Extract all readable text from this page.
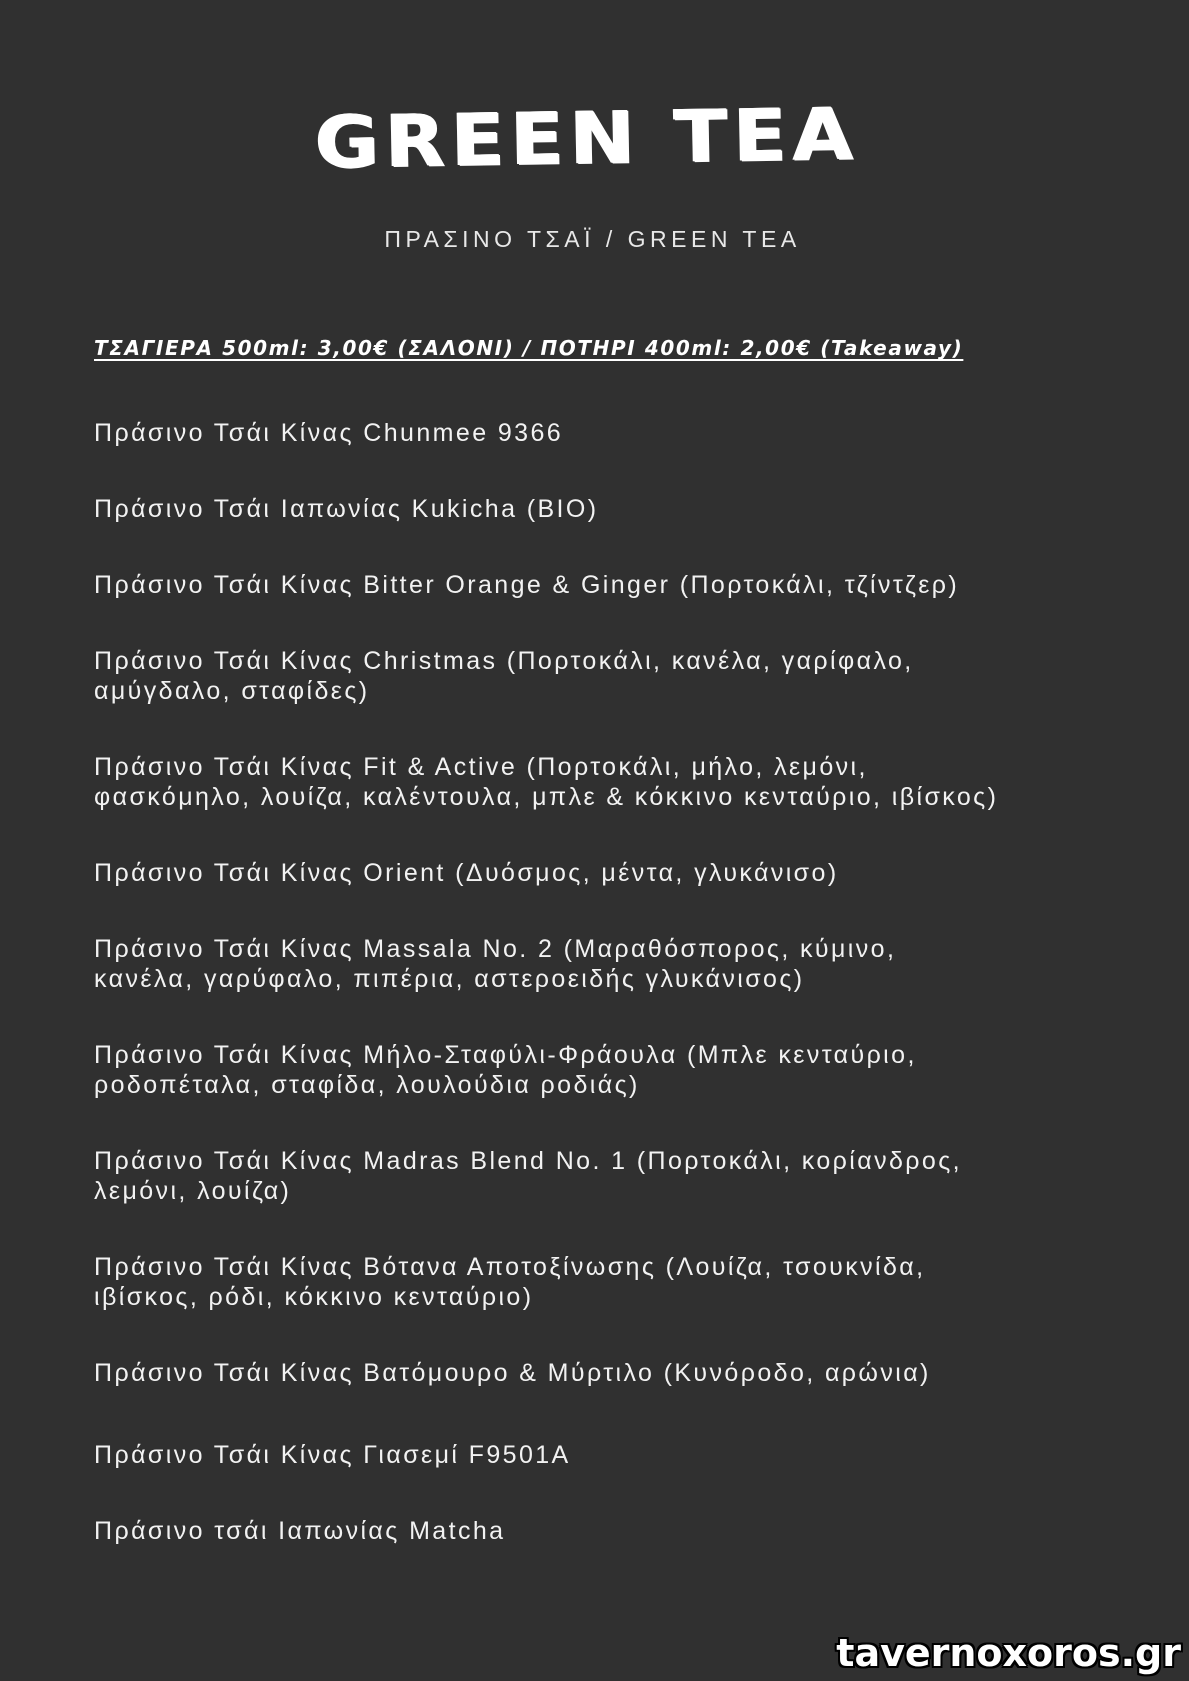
GREEN TEA
ΠΡΑΣΙΝΟ ΤΣΑΪ / GREEN TEA
ΤΣΑΓΙΕΡΑ 500ml: 3,00€ (ΣΑΛΟΝΙ) / ΠΟΤΗΡΙ 400ml: 2,00€ (Takeaway)
Πράσινο Τσάι Κίνας Chunmee 9366
Πράσινο Τσάι Ιαπωνίας Kukicha (BIO)
Πράσινο Τσάι Κίνας Bitter Orange & Ginger (Πορτοκάλι, τζίντζερ)
Πράσινο Τσάι Κίνας Christmas (Πορτοκάλι, κανέλα, γαρίφαλο,
αμύγδαλο, σταφίδες)
Πράσινο Τσάι Κίνας Fit & Active (Πορτοκάλι, μήλο, λεμόνι,
φασκόμηλο, λουίζα, καλέντουλα, μπλε & κόκκινο κενταύριο, ιβίσκος)
Πράσινο Τσάι Κίνας Orient (Δυόσμος, μέντα, γλυκάνισο)
Πράσινο Τσάι Κίνας Massala No. 2 (Μαραθόσπορος, κύμινο,
κανέλα, γαρύφαλο, πιπέρια, αστεροειδής γλυκάνισος)
Πράσινο Τσάι Κίνας Μήλο-Σταφύλι-Φράουλα (Μπλε κενταύριο,
ροδοπέταλα, σταφίδα, λουλούδια ροδιάς)
Πράσινο Τσάι Κίνας Madras Blend No. 1 (Πορτοκάλι, κορίανδρος,
λεμόνι, λουίζα)
Πράσινο Τσάι Κίνας Βότανα Αποτοξίνωσης (Λουίζα, τσουκνίδα,
ιβίσκος, ρόδι, κόκκινο κενταύριο)
Πράσινο Τσάι Κίνας Βατόμουρο & Μύρτιλο (Κυνόροδο, αρώνια)
Πράσινο Τσάι Κίνας Γιασεμί F9501A
Πράσινο τσάι Ιαπωνίας Matcha
tavernoxoros.gr
